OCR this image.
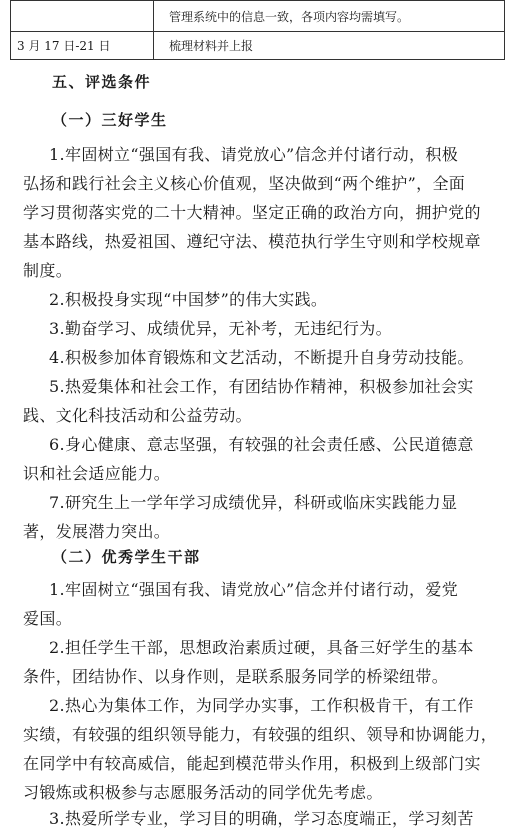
	管理系统中的信息一致，各项内容均需填写。
3 月 17 日-21 日	梳理材料并上报
五、评选条件
（一）三好学生
1.牢固树立“强国有我、请党放心”信念并付诸行动，积极
弘扬和践行社会主义核心价值观，坚决做到“两个维护”，全面
学习贯彻落实党的二十大精神。坚定正确的政治方向，拥护党的
基本路线，热爱祖国、遵纪守法、模范执行学生守则和学校规章
制度。
2.积极投身实现“中国梦”的伟大实践。
3.勤奋学习、成绩优异，无补考，无违纪行为。
4.积极参加体育锻炼和文艺活动，不断提升自身劳动技能。
5.热爱集体和社会工作，有团结协作精神，积极参加社会实
践、文化科技活动和公益劳动。
6.身心健康、意志坚强，有较强的社会责任感、公民道德意
识和社会适应能力。
7.研究生上一学年学习成绩优异，科研或临床实践能力显
著，发展潜力突出。
（二）优秀学生干部
1.牢固树立“强国有我、请党放心”信念并付诸行动，爱党
爱国。
2.担任学生干部，思想政治素质过硬，具备三好学生的基本
条件，团结协作、以身作则，是联系服务同学的桥梁纽带。
2.热心为集体工作，为同学办实事，工作积极肯干，有工作
实绩，有较强的组织领导能力，有较强的组织、领导和协调能力，
在同学中有较高威信，能起到模范带头作用，积极到上级部门实
习锻炼或积极参与志愿服务活动的同学优先考虑。
3.热爱所学专业，学习目的明确，学习态度端正，学习刻苦
